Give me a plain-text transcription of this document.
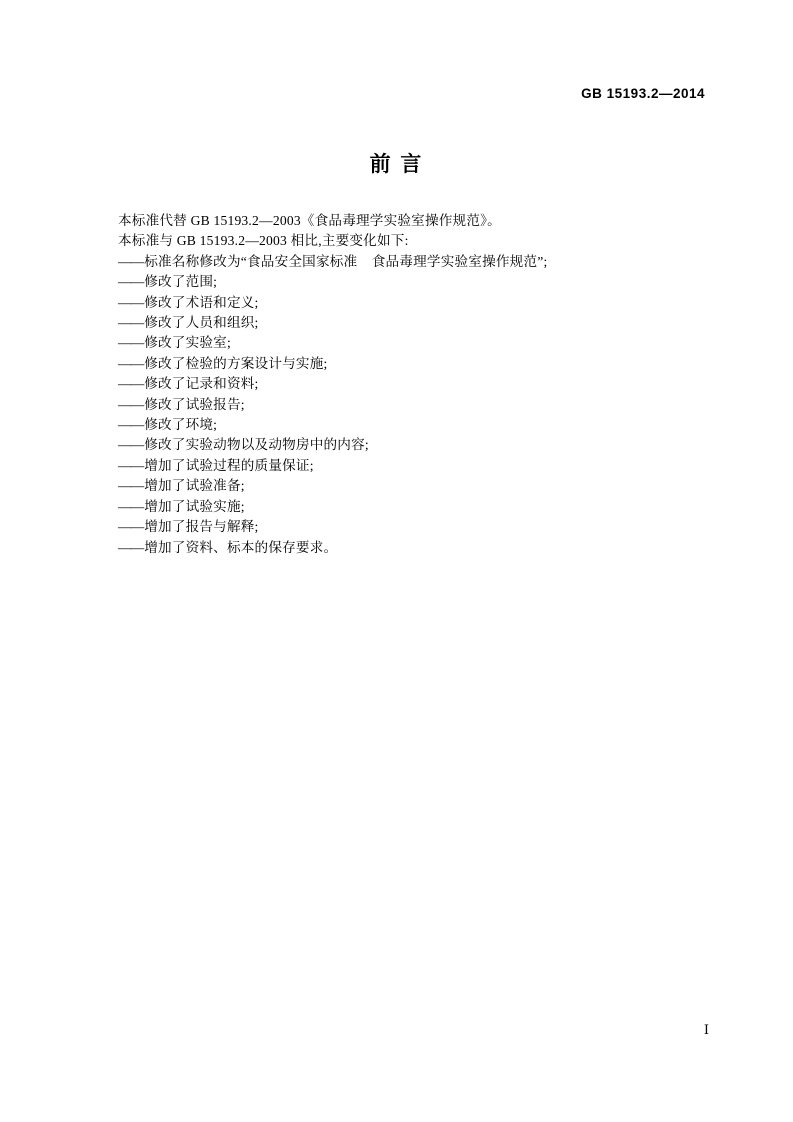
GB 15193.2—2014
前 言
本标准代替 GB 15193.2—2003《食品毒理学实验室操作规范》。
本标准与 GB 15193.2—2003 相比,主要变化如下:
——标准名称修改为“食品安全国家标准    食品毒理学实验室操作规范”;
——修改了范围;
——修改了术语和定义;
——修改了人员和组织;
——修改了实验室;
——修改了检验的方案设计与实施;
——修改了记录和资料;
——修改了试验报告;
——修改了环境;
——修改了实验动物以及动物房中的内容;
——增加了试验过程的质量保证;
——增加了试验准备;
——增加了试验实施;
——增加了报告与解释;
——增加了资料、标本的保存要求。
Ⅰ
